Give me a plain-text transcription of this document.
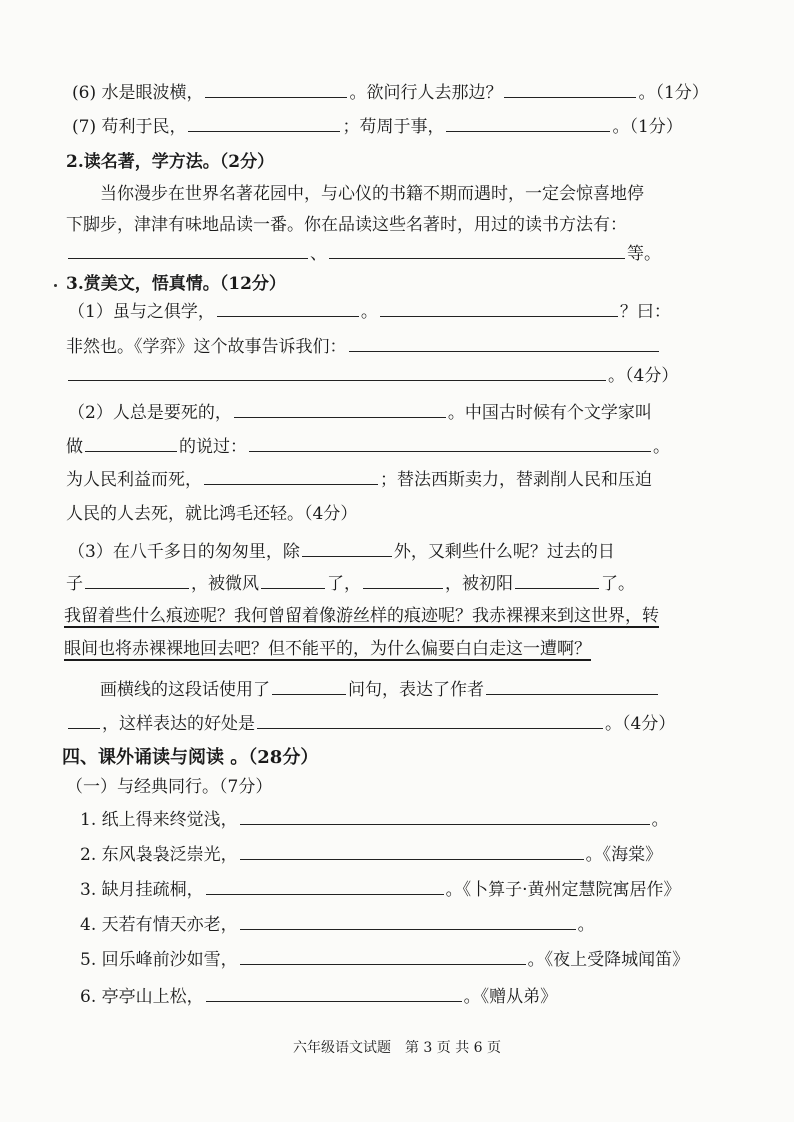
(6) 水是眼波横，	。欲问行人去那边？	。（1分）
(7) 苟利于民，	；苟周于事，	。（1分）
2.读名著，学方法。（2分）
当你漫步在世界名著花园中，与心仪的书籍不期而遇时，一定会惊喜地停
下脚步，津津有味地品读一番。你在品读这些名著时，用过的读书方法有：
、	等。
3.赏美文，悟真情。（12分）
（1）虽与之俱学，	。	？曰：
非然也。《学弈》这个故事告诉我们：
。（4分）
（2）人总是要死的，	。中国古时候有个文学家叫
做	的说过：	。
为人民利益而死，	；替法西斯卖力，替剥削人民和压迫
人民的人去死，就比鸿毛还轻。（4分）
（3）在八千多日的匆匆里，除	外，又剩些什么呢？过去的日
子	，被微风	了，	，被初阳	了。
我留着些什么痕迹呢？我何曾留着像游丝样的痕迹呢？我赤裸裸来到这世界，转
眼间也将赤裸裸地回去吧？但不能平的，为什么偏要白白走这一遭啊？
画横线的这段话使用了	问句，表达了作者
，这样表达的好处是	。（4分）
四、课外诵读与阅读 。（28分）
（一）与经典同行。（7分）
1. 纸上得来终觉浅，	。
2. 东风袅袅泛崇光，	。《海棠》
3. 缺月挂疏桐，	。《卜算子·黄州定慧院寓居作》
4. 天若有情天亦老，	。
5. 回乐峰前沙如雪，	。《夜上受降城闻笛》
6. 亭亭山上松，	。《赠从弟》
六年级语文试题　第 3 页 共 6 页
